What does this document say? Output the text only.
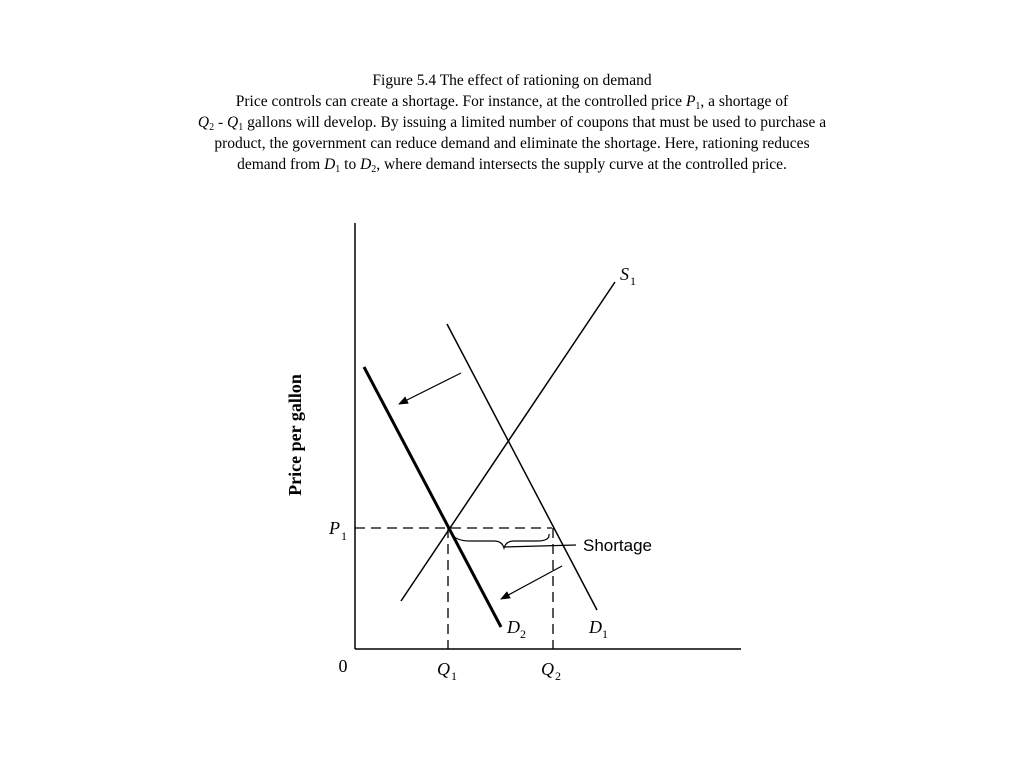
Figure 5.4 The effect of rationing on demand
Price controls can create a shortage. For instance, at the controlled price $P_1$, a shortage of
$Q_2 - Q_1$ gallons will develop. By issuing a limited number of coupons that must be used to purchase a product, the government can reduce demand and eliminate the shortage. Here, rationing reduces demand from $D_1$ to $D_2$, where demand intersects the supply curve at the controlled price.
Price per gallon
0
P 1
S 1
D 1
D 2
Shortage
Q 1	Q 2
